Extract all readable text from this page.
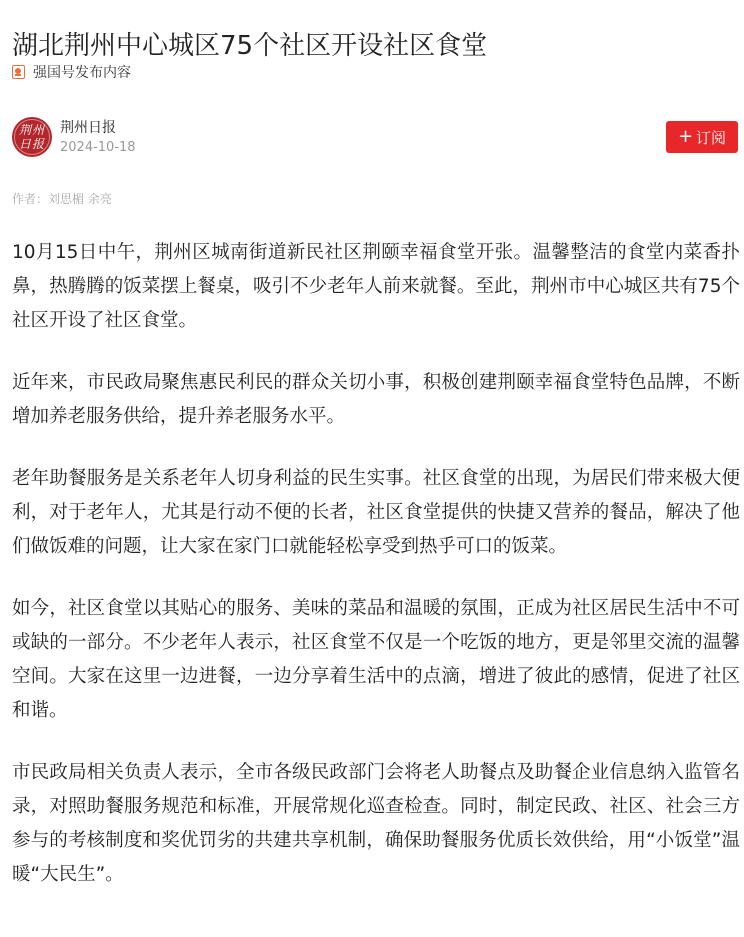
湖北荆州中心城区75个社区开设社区食堂
强国号发布内容
荆州日报
荆州日报
2024-10-18
+ 订阅
作者：刘思楣 余亮

10月15日中午，荆州区城南街道新民社区荆颐幸福食堂开张。温馨整洁的食堂内菜香扑鼻，热腾腾的饭菜摆上餐桌，吸引不少老年人前来就餐。至此，荆州市中心城区共有75个社区开设了社区食堂。

近年来，市民政局聚焦惠民利民的群众关切小事，积极创建荆颐幸福食堂特色品牌，不断增加养老服务供给，提升养老服务水平。

老年助餐服务是关系老年人切身利益的民生实事。社区食堂的出现，为居民们带来极大便利，对于老年人，尤其是行动不便的长者，社区食堂提供的快捷又营养的餐品，解决了他们做饭难的问题，让大家在家门口就能轻松享受到热乎可口的饭菜。

如今，社区食堂以其贴心的服务、美味的菜品和温暖的氛围，正成为社区居民生活中不可或缺的一部分。不少老年人表示，社区食堂不仅是一个吃饭的地方，更是邻里交流的温馨空间。大家在这里一边进餐，一边分享着生活中的点滴，增进了彼此的感情，促进了社区和谐。

市民政局相关负责人表示，全市各级民政部门会将老人助餐点及助餐企业信息纳入监管名录，对照助餐服务规范和标准，开展常规化巡查检查。同时，制定民政、社区、社会三方参与的考核制度和奖优罚劣的共建共享机制，确保助餐服务优质长效供给，用“小饭堂”温暖“大民生”。
